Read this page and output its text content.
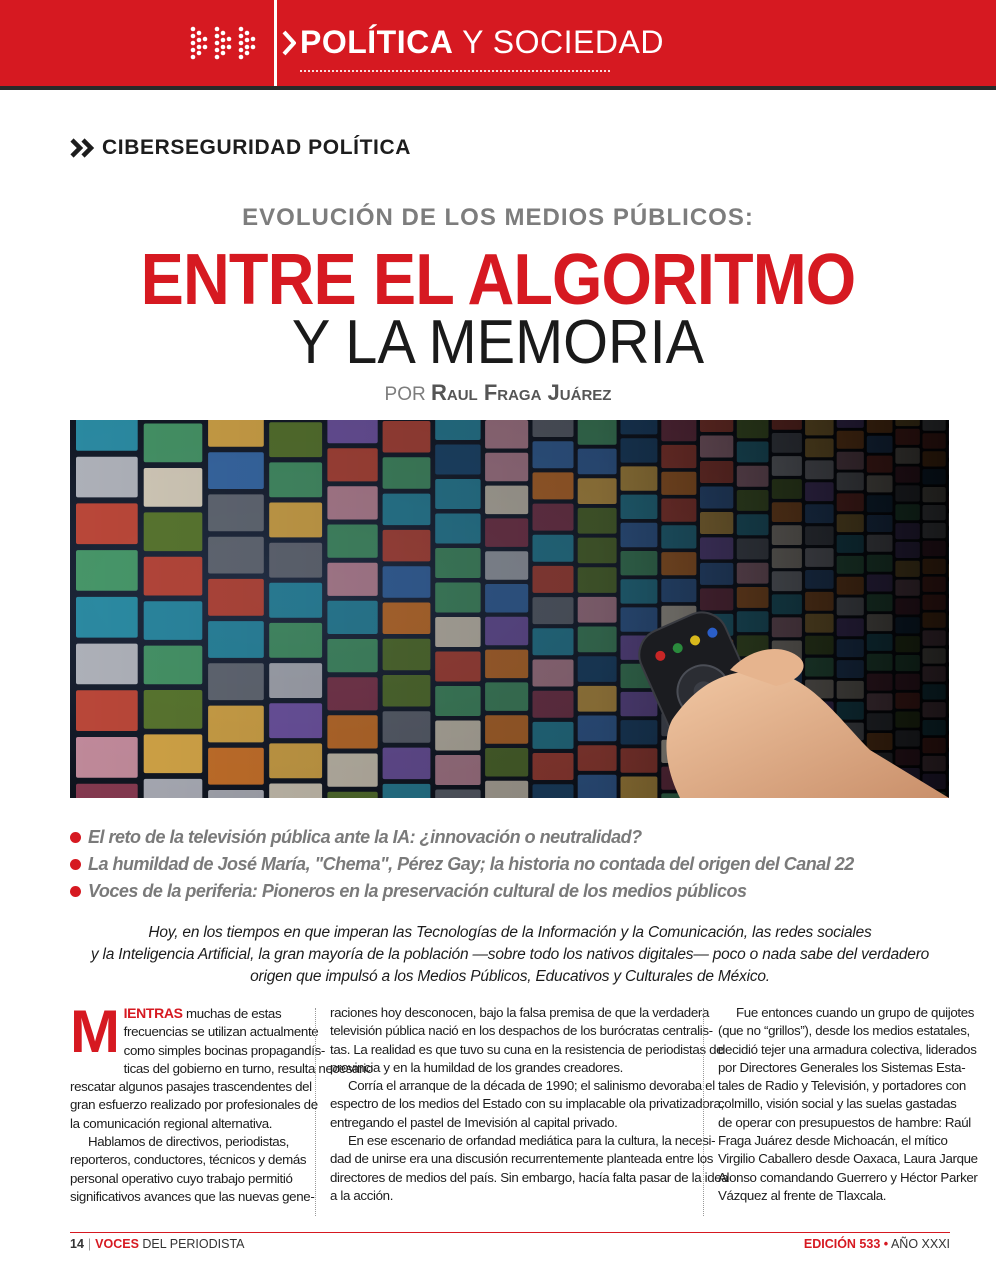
POLÍTICA Y SOCIEDAD
CIBERSEGURIDAD POLÍTICA
EVOLUCIÓN DE LOS MEDIOS PÚBLICOS:
ENTRE EL ALGORITMO
Y LA MEMORIA
POR Raul Fraga Juárez
El reto de la televisión pública ante la IA: ¿innovación o neutralidad?
La humildad de José María, "Chema", Pérez Gay; la historia no contada del origen del Canal 22
Voces de la periferia: Pioneros en la preservación cultural de los medios públicos
Hoy, en los tiempos en que imperan las Tecnologías de la Información y la Comunicación, las redes sociales
y la Inteligencia Artificial, la gran mayoría de la población —sobre todo los nativos digitales— poco o nada sabe del verdadero
origen que impulsó a los Medios Públicos, Educativos y Culturales de México.
M IENTRAS muchas de estas
frecuencias se utilizan actualmente
como simples bocinas propagandís-
ticas del gobierno en turno, resulta necesario
rescatar algunos pasajes trascendentes del
gran esfuerzo realizado por profesionales de
la comunicación regional alternativa.
Hablamos de directivos, periodistas,
reporteros, conductores, técnicos y demás
personal operativo cuyo trabajo permitió
significativos avances que las nuevas gene-
raciones hoy desconocen, bajo la falsa premisa de que la verdadera
televisión pública nació en los despachos de los burócratas centralis-
tas. La realidad es que tuvo su cuna en la resistencia de periodistas de
provincia y en la humildad de los grandes creadores.
Corría el arranque de la década de 1990; el salinismo devoraba el
espectro de los medios del Estado con su implacable ola privatizadora,
entregando el pastel de Imevisión al capital privado.
En ese escenario de orfandad mediática para la cultura, la necesi-
dad de unirse era una discusión recurrentemente planteada entre los
directores de medios del país. Sin embargo, hacía falta pasar de la idea
a la acción.
Fue entonces cuando un grupo de quijotes
(que no “grillos”), desde los medios estatales,
decidió tejer una armadura colectiva, liderados
por Directores Generales los Sistemas Esta-
tales de Radio y Televisión, y portadores con
colmillo, visión social y las suelas gastadas
de operar con presupuestos de hambre: Raúl
Fraga Juárez desde Michoacán, el mítico
Virgilio Caballero desde Oaxaca, Laura Jarque
Alonso comandando Guerrero y Héctor Parker
Vázquez al frente de Tlaxcala.
14 | VOCES DEL PERIODISTA	EDICIÓN 533 • AÑO XXXI
